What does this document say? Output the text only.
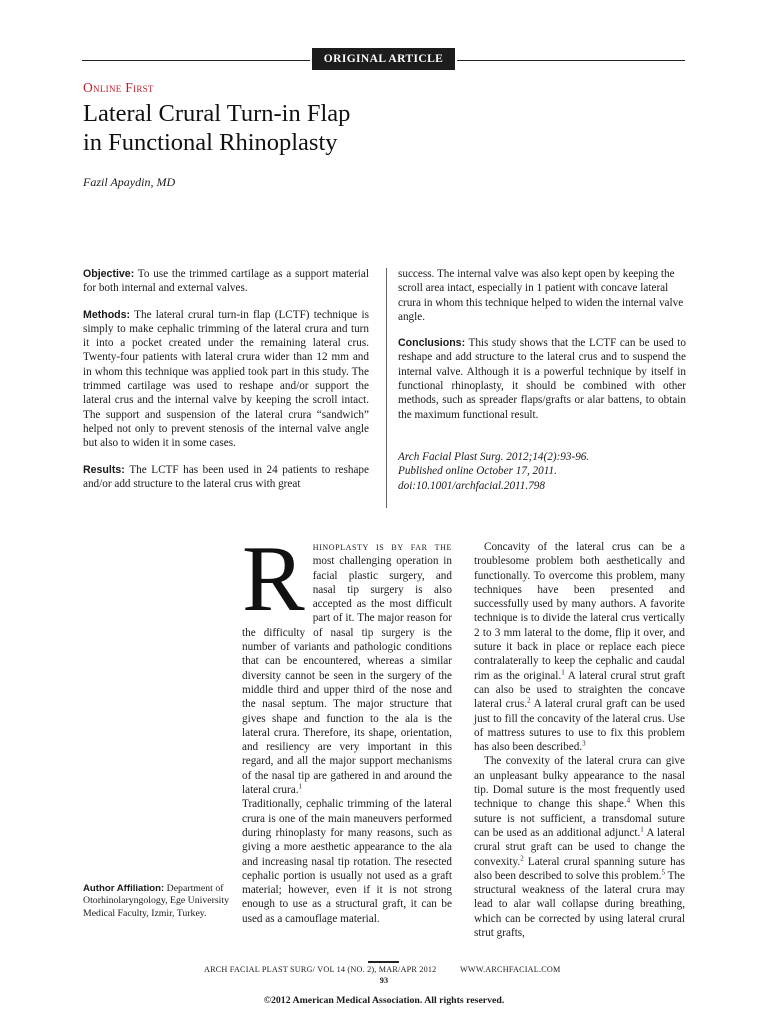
ORIGINAL ARTICLE
Online First
Lateral Crural Turn-in Flap
in Functional Rhinoplasty
Fazil Apaydin, MD

Objective: To use the trimmed cartilage as a support material for both internal and external valves.

Methods: The lateral crural turn-in flap (LCTF) technique is simply to make cephalic trimming of the lateral crura and turn it into a pocket created under the remaining lateral crus. Twenty-four patients with lateral crura wider than 12 mm and in whom this technique was applied took part in this study. The trimmed cartilage was used to reshape and/or support the lateral crus and the internal valve by keeping the scroll intact. The support and suspension of the lateral crura “sandwich” helped not only to prevent stenosis of the internal valve angle but also to widen it in some cases.

Results: The LCTF has been used in 24 patients to reshape and/or add structure to the lateral crus with great

success. The internal valve was also kept open by keeping the scroll area intact, especially in 1 patient with concave lateral crura in whom this technique helped to widen the internal valve angle.

Conclusions: This study shows that the LCTF can be used to reshape and add structure to the lateral crus and to suspend the internal valve. Although it is a powerful technique by itself in functional rhinoplasty, it should be combined with other methods, such as spreader flaps/grafts or alar battens, to obtain the maximum functional result.

Arch Facial Plast Surg. 2012;14(2):93-96.
Published online October 17, 2011.
doi:10.1001/archfacial.2011.798

Rhinoplasty is by far the most challenging operation in facial plastic surgery, and nasal tip surgery is also accepted as the most difficult part of it. The major reason for the difficulty of nasal tip surgery is the number of variants and pathologic conditions that can be encountered, whereas a similar diversity cannot be seen in the surgery of the middle third and upper third of the nose and the nasal septum. The major structure that gives shape and function to the ala is the lateral crura. Therefore, its shape, orientation, and resiliency are very important in this regard, and all the major support mechanisms of the nasal tip are gathered in and around the lateral crura.$^1$

Traditionally, cephalic trimming of the lateral crura is one of the main maneuvers performed during rhinoplasty for many reasons, such as giving a more aesthetic appearance to the ala and increasing nasal tip rotation. The resected cephalic portion is usually not used as a graft material; however, even if it is not strong enough to use as a structural graft, it can be used as a camouflage material.

Author Affiliation: Department of Otorhinolaryngology, Ege University Medical Faculty, Izmir, Turkey.

Concavity of the lateral crus can be a troublesome problem both aesthetically and functionally. To overcome this problem, many techniques have been presented and successfully used by many authors. A favorite technique is to divide the lateral crus vertically 2 to 3 mm lateral to the dome, flip it over, and suture it back in place or replace each piece contralaterally to keep the cephalic and caudal rim as the original.$^1$ A lateral crural strut graft can also be used to straighten the concave lateral crus.$^2$ A lateral crural graft can be used just to fill the concavity of the lateral crus. Use of mattress sutures to use to fix this problem has also been described.$^3$

The convexity of the lateral crura can give an unpleasant bulky appearance to the nasal tip. Domal suture is the most frequently used technique to change this shape.$^4$ When this suture is not sufficient, a transdomal suture can be used as an additional adjunct.$^1$ A lateral crural strut graft can be used to change the convexity.$^2$ Lateral crural spanning suture has also been described to solve this problem.$^5$ The structural weakness of the lateral crura may lead to alar wall collapse during breathing, which can be corrected by using lateral crural strut grafts,

ARCH FACIAL PLAST SURG/ VOL 14 (NO. 2), MAR/APR 2012	WWW.ARCHFACIAL.COM
93
©2012 American Medical Association. All rights reserved.
